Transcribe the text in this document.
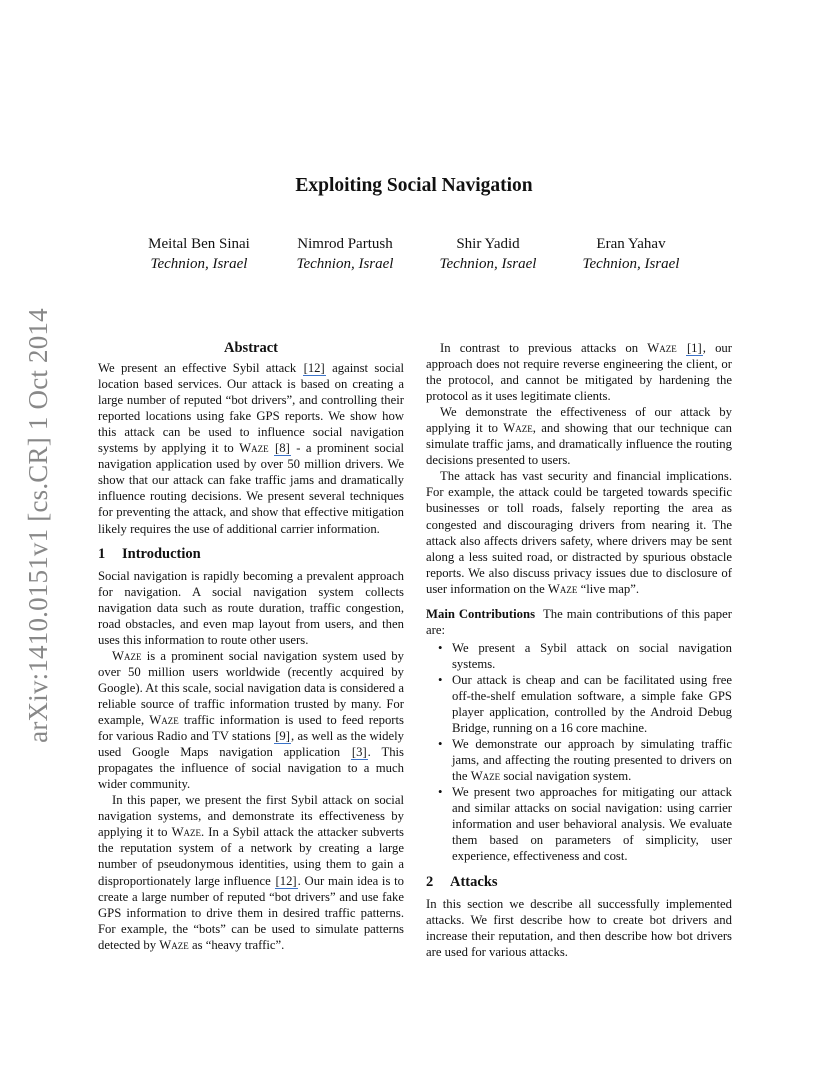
arXiv:1410.0151v1 [cs.CR] 1 Oct 2014
Exploiting Social Navigation
Meital Ben Sinai
Technion, Israel
Nimrod Partush
Technion, Israel
Shir Yadid
Technion, Israel
Eran Yahav
Technion, Israel
Abstract

We present an effective Sybil attack [12] against social location based services. Our attack is based on creating a large number of reputed “bot drivers”, and controlling their reported locations using fake GPS reports. We show how this attack can be used to influence social navigation systems by applying it to Waze [8] - a prominent social navigation application used by over 50 million drivers. We show that our attack can fake traffic jams and dramatically influence routing decisions. We present several techniques for preventing the attack, and show that effective mitigation likely requires the use of additional carrier information.

1 Introduction

Social navigation is rapidly becoming a prevalent approach for navigation. A social navigation system collects navigation data such as route duration, traffic congestion, road obstacles, and even map layout from users, and then uses this information to route other users.

Waze is a prominent social navigation system used by over 50 million users worldwide (recently acquired by Google). At this scale, social navigation data is considered a reliable source of traffic information trusted by many. For example, Waze traffic information is used to feed reports for various Radio and TV stations [9], as well as the widely used Google Maps navigation application [3]. This propagates the influence of social navigation to a much wider community.

In this paper, we present the first Sybil attack on social navigation systems, and demonstrate its effectiveness by applying it to Waze. In a Sybil attack the attacker subverts the reputation system of a network by creating a large number of pseudonymous identities, using them to gain a disproportionately large influence [12]. Our main idea is to create a large number of reputed “bot drivers” and use fake GPS information to drive them in desired traffic patterns. For example, the “bots” can be used to simulate patterns detected by Waze as “heavy traffic”.

In contrast to previous attacks on Waze [1], our approach does not require reverse engineering the client, or the protocol, and cannot be mitigated by hardening the protocol as it uses legitimate clients.

We demonstrate the effectiveness of our attack by applying it to Waze, and showing that our technique can simulate traffic jams, and dramatically influence the routing decisions presented to users.

The attack has vast security and financial implications. For example, the attack could be targeted towards specific businesses or toll roads, falsely reporting the area as congested and discouraging drivers from nearing it. The attack also affects drivers safety, where drivers may be sent along a less suited road, or distracted by spurious obstacle reports. We also discuss privacy issues due to disclosure of user information on the Waze “live map”.

Main Contributions The main contributions of this paper are:

• We present a Sybil attack on social navigation systems.
• Our attack is cheap and can be facilitated using free off-the-shelf emulation software, a simple fake GPS player application, controlled by the Android Debug Bridge, running on a 16 core machine.
• We demonstrate our approach by simulating traffic jams, and affecting the routing presented to drivers on the Waze social navigation system.
• We present two approaches for mitigating our attack and similar attacks on social navigation: using carrier information and user behavioral analysis. We evaluate them based on parameters of simplicity, user experience, effectiveness and cost.
2 Attacks

In this section we describe all successfully implemented attacks. We first describe how to create bot drivers and increase their reputation, and then describe how bot drivers are used for various attacks.
